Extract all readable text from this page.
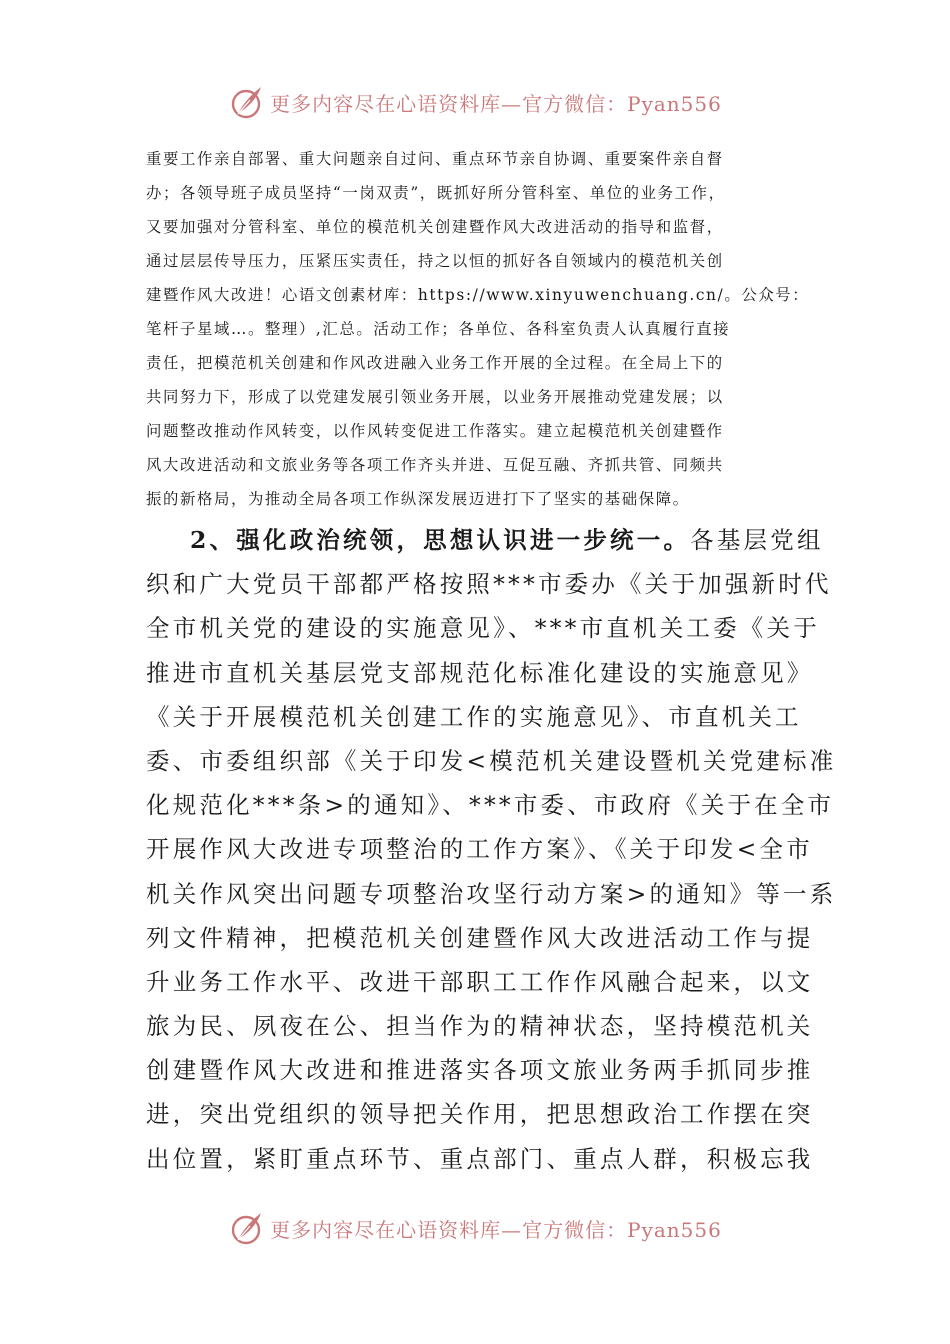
更多内容尽在心语资料库—官方微信：Pyan556
重要工作亲自部署、重大问题亲自过问、重点环节亲自协调、重要案件亲自督
办；各领导班子成员坚持“一岗双责”，既抓好所分管科室、单位的业务工作，
又要加强对分管科室、单位的模范机关创建暨作风大改进活动的指导和监督，
通过层层传导压力，压紧压实责任，持之以恒的抓好各自领域内的模范机关创
建暨作风大改进！心语文创素材库：https://www.xinyuwenchuang.cn/。公众号：
笔杆子星域…。整理）,汇总。活动工作；各单位、各科室负责人认真履行直接
责任，把模范机关创建和作风改进融入业务工作开展的全过程。在全局上下的
共同努力下，形成了以党建发展引领业务开展，以业务开展推动党建发展；以
问题整改推动作风转变，以作风转变促进工作落实。建立起模范机关创建暨作
风大改进活动和文旅业务等各项工作齐头并进、互促互融、齐抓共管、同频共
振的新格局，为推动全局各项工作纵深发展迈进打下了坚实的基础保障。
2、强化政治统领，思想认识进一步统一。各基层党组
织和广大党员干部都严格按照***市委办《关于加强新时代
全市机关党的建设的实施意见》、***市直机关工委《关于
推进市直机关基层党支部规范化标准化建设的实施意见》
《关于开展模范机关创建工作的实施意见》、市直机关工
委、市委组织部《关于印发<模范机关建设暨机关党建标准
化规范化***条>的通知》、***市委、市政府《关于在全市
开展作风大改进专项整治的工作方案》、《关于印发<全市
机关作风突出问题专项整治攻坚行动方案>的通知》等一系
列文件精神，把模范机关创建暨作风大改进活动工作与提
升业务工作水平、改进干部职工工作作风融合起来，以文
旅为民、夙夜在公、担当作为的精神状态，坚持模范机关
创建暨作风大改进和推进落实各项文旅业务两手抓同步推
进，突出党组织的领导把关作用，把思想政治工作摆在突
出位置，紧盯重点环节、重点部门、重点人群，积极忘我
更多内容尽在心语资料库—官方微信：Pyan556
